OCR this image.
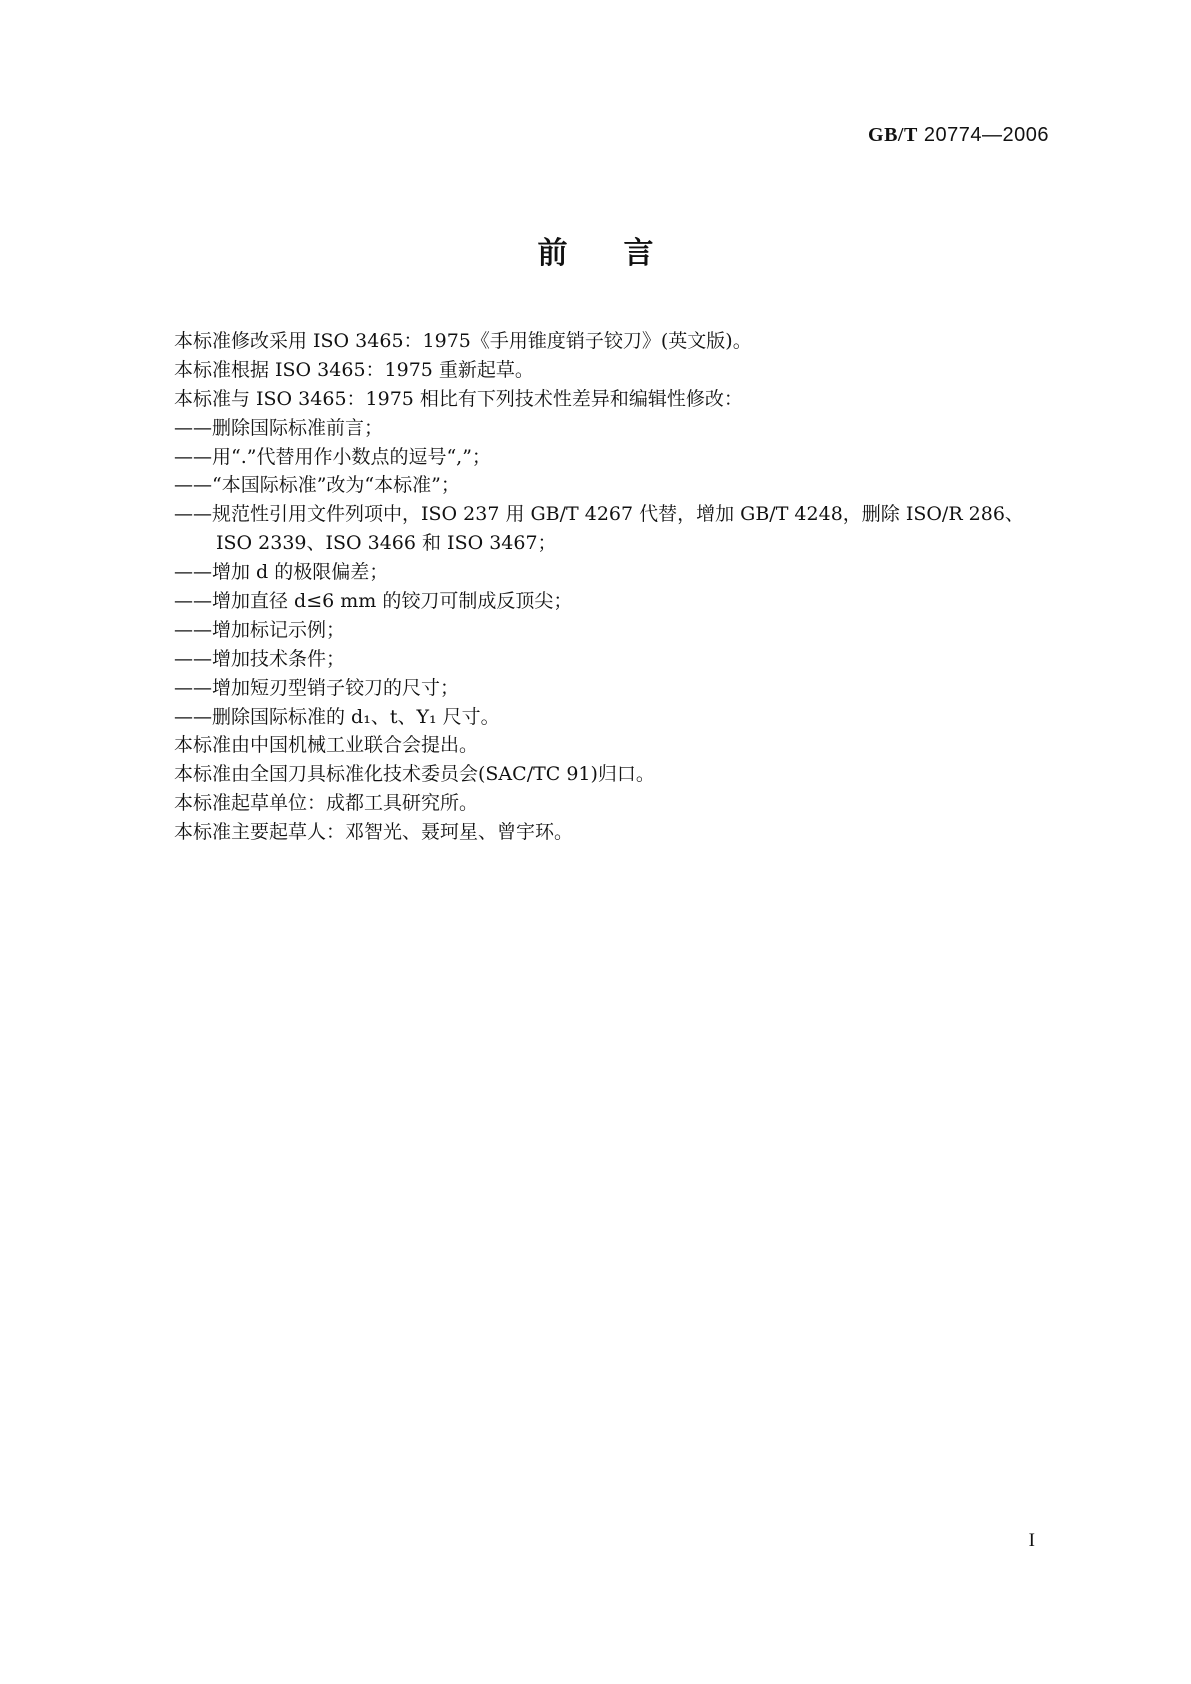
GB/T 20774—2006
前言
本标准修改采用 ISO 3465：1975《手用锥度销子铰刀》(英文版)。
本标准根据 ISO 3465：1975 重新起草。
本标准与 ISO 3465：1975 相比有下列技术性差异和编辑性修改：
——删除国际标准前言；
——用“.”代替用作小数点的逗号“,”；
——“本国际标准”改为“本标准”；
——规范性引用文件列项中，ISO 237 用 GB/T 4267 代替，增加 GB/T 4248，删除 ISO/R 286、
ISO 2339、ISO 3466 和 ISO 3467；
——增加 d 的极限偏差；
——增加直径 d≤6 mm 的铰刀可制成反顶尖；
——增加标记示例；
——增加技术条件；
——增加短刃型销子铰刀的尺寸；
——删除国际标准的 d₁、t、Y₁ 尺寸。
本标准由中国机械工业联合会提出。
本标准由全国刀具标准化技术委员会(SAC/TC 91)归口。
本标准起草单位：成都工具研究所。
本标准主要起草人：邓智光、聂珂星、曾宇环。
I
